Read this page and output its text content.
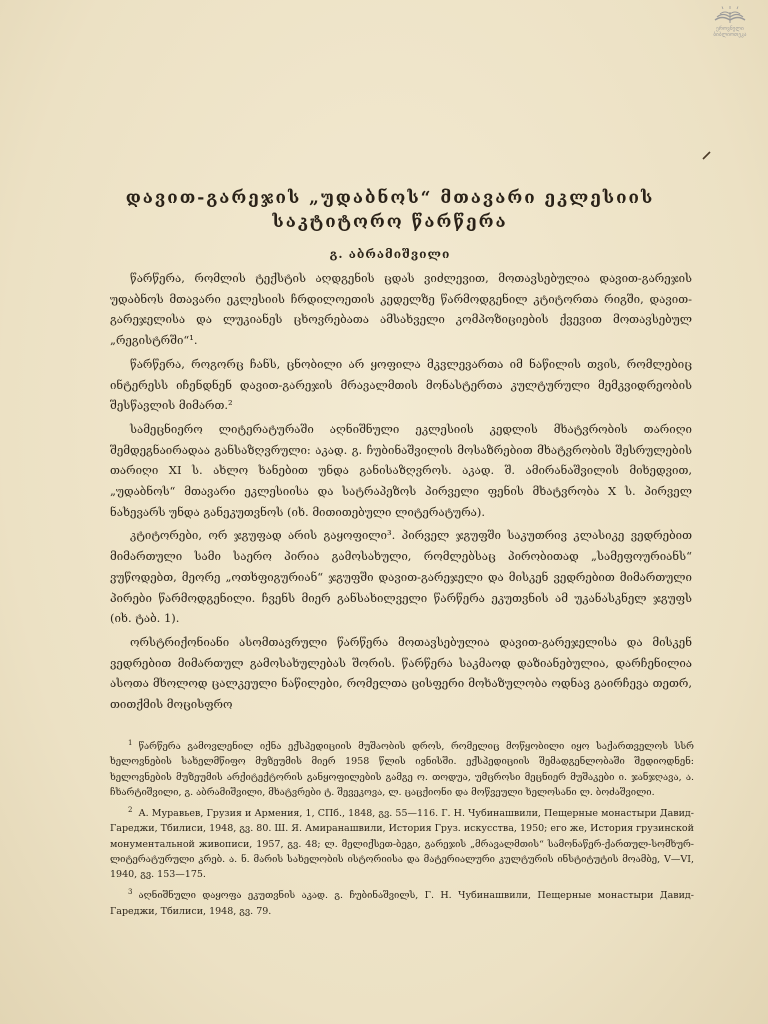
ეროვნული ბიბლიოთეკა
დავით-გარეჯის „უდაბნოს“ მთავარი ეკლესიის
საკტიტორო წარწერა
გ. აბრამიშვილი

წარწერა, რომლის ტექსტის აღდგენის ცდას ვიძლევით, მოთავსებულია დავით-გარეჯის უდაბნოს მთავარი ეკლესიის ჩრდილოეთის კედელზე წარმოდგენილ კტიტორთა რიგში, დავით-გარეჯელისა და ლუკიანეს ცხოვრებათა ამსახველი კომპოზიციების ქვევით მოთავსებულ „რეგისტრში“¹.

წარწერა, როგორც ჩანს, ცნობილი არ ყოფილა მკვლევართა იმ ნაწილის თვის, რომლებიც ინტერესს იჩენდნენ დავით-გარეჯის მრავალმთის მონასტერთა კულტურული მემკვიდრეობის შესწავლის მიმართ.²

სამეცნიერო ლიტერატურაში აღნიშნული ეკლესიის კედლის მხატვრობის თარიღი შემდეგნაირადაა განსაზღვრული: აკად. გ. ჩუბინაშვილის მოსაზრებით მხატვრობის შესრულების თარიღი XI ს. ახლო ხანებით უნდა განისაზღვროს. აკად. შ. ამირანაშვილის მიხედვით, „უდაბნოს“ მთავარი ეკლესიისა და სატრაპეზოს პირველი ფენის მხატვრობა X ს. პირველ ნახევარს უნდა განეკუთვნოს (იხ. მითითებული ლიტერატურა).

კტიტორები, ორ ჯგუფად არის გაყოფილი³. პირველ ჯგუფში საკუთრივ კლასიკე ვედრებით მიმართული სამი საერო პირია გამოსახული, რომლებსაც პირობითად „სამეფოურიანს“ ვუწოდებთ, მეორე „ოთხფიგურიან“ ჯგუფში დავით-გარეჯელი და მისკენ ვედრებით მიმართული პირები წარმოდგენილი. ჩვენს მიერ განსახილველი წარწერა ეკუთვნის ამ უკანასკნელ ჯგუფს (იხ. ტაბ. 1).

ორსტრიქონიანი ასომთავრული წარწერა მოთავსებულია დავით-გარეჯელისა და მისკენ ვედრებით მიმართულ გამოსახულებას შორის. წარწერა საკმაოდ დაზიანებულია, დარჩენილია ასოთა მხოლოდ ცალკეული ნაწილები, რომელთა ცისფერი მოხაზულობა ოდნავ გაირჩევა თეთრ, თითქმის მოცისფრო

$^1$ წარწერა გამოვლენილ იქნა ექსპედიციის მუშაობის დროს, რომელიც მოწყობილი იყო საქართველოს სსრ ხელოვნების სახელმწიფო მუზეუმის მიერ 1958 წლის ივნისში. ექსპედიციის შემადგენლობაში შედიოდნენ: ხელოვნების მუზეუმის არქიტექტორის განყოფილების გამგე ო. თოდუა, უმცროსი მეცნიერ მუშაკები ი. ჯანჯღავა, ა. ჩხარტიშვილი, გ. აბრამიშვილი, მხატვრები ტ. შევეკოვა, ლ. ცაცქიონი და მოწვეული ხელოსანი ლ. ბოძაშვილი.

$^2$ А. Муравьев, Грузия и Армения, 1, СПб., 1848, გვ. 55—116. Г. Н. Чубинашвили, Пещерные монастыри Давид-Гареджи, Тбилиси, 1948, გვ. 80. Ш. Я. Амиранашвили, История Груз. искусства, 1950; его же, История грузинской монументальной живописи, 1957, გვ. 48; ლ. მელიქსეთ-ბეგი, გარეჯის „მრავალმთის“ სამონაწერ-ქართულ-სომხურ-ლიტერატურული კრებ. ა. ნ. მარის სახელობის ისტორიისა და მატერიალური კულტურის ინსტიტუტის მოამბე, V—VI, 1940, გვ. 153—175.

$^3$ აღნიშნული დაყოფა ეკუთვნის აკად. გ. ჩუბინაშვილს, Г. Н. Чубинашвили, Пещерные монастыри Давид-Гареджи, Тбилиси, 1948, გვ. 79.
